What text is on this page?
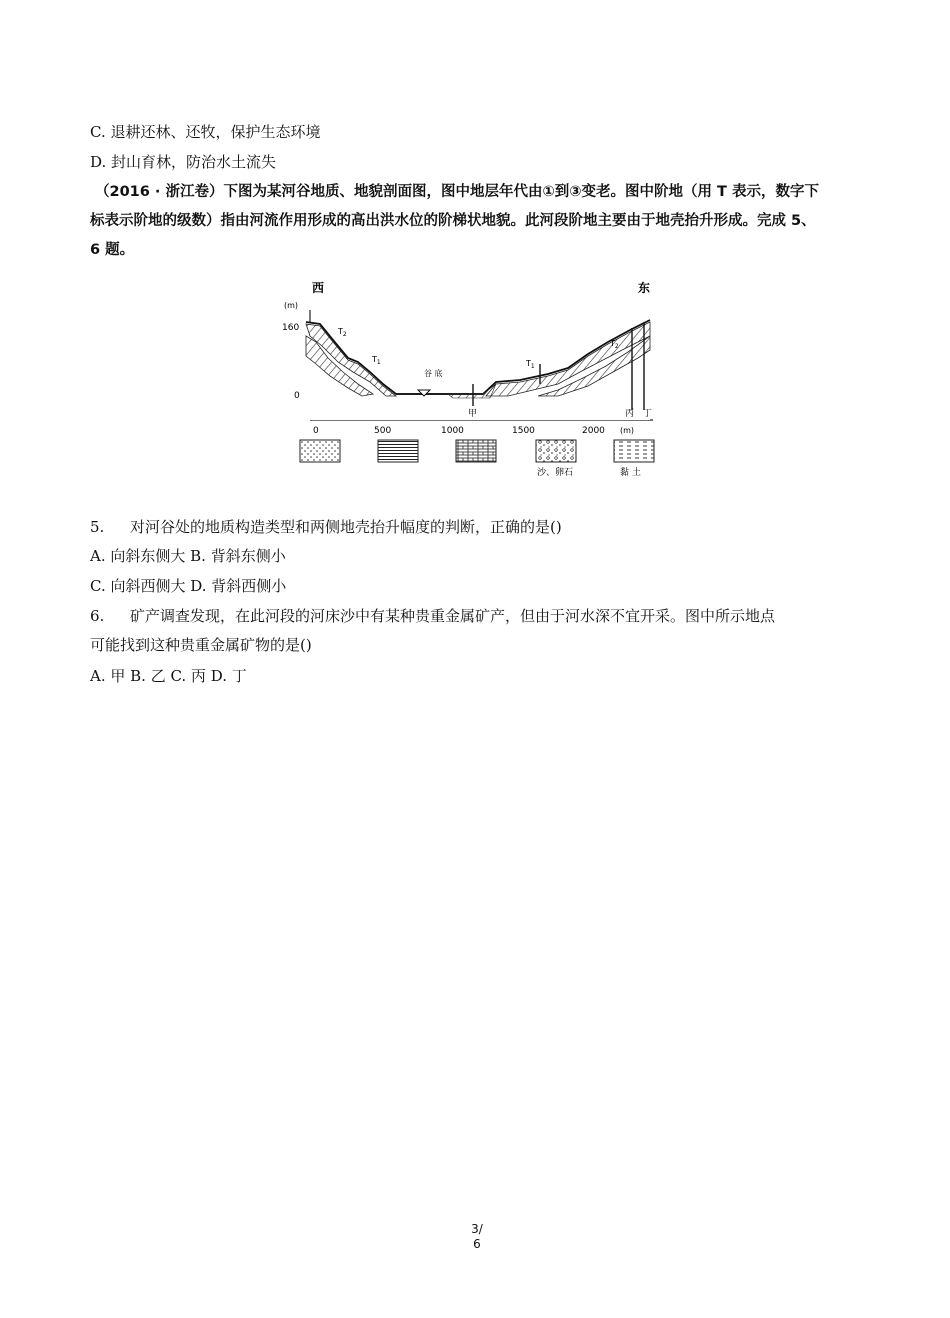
C. 退耕还林、还牧，保护生态环境
D. 封山育林，防治水土流失
（2016 · 浙江卷）下图为某河谷地质、地貌剖面图，图中地层年代由①到③变老。图中阶地（用 T 表示，数字下
标表示阶地的级数）指由河流作用形成的高出洪水位的阶梯状地貌。此河段阶地主要由于地壳抬升形成。完成 5、
6 题。
西	东
(m)
160
0
0	500	1000	1500	2000 (m)
$T_2$
$T_1$	$T_1$
$T_2$
谷 底
甲	丙 丁
沙、卵石	黏 土
5. 对河谷处的地质构造类型和两侧地壳抬升幅度的判断，正确的是()
A. 向斜东侧大 B. 背斜东侧小
C. 向斜西侧大 D. 背斜西侧小
6. 矿产调查发现，在此河段的河床沙中有某种贵重金属矿产，但由于河水深不宜开采。图中所示地点
可能找到这种贵重金属矿物的是()
A. 甲 B. 乙 C. 丙 D. 丁
3/
6
